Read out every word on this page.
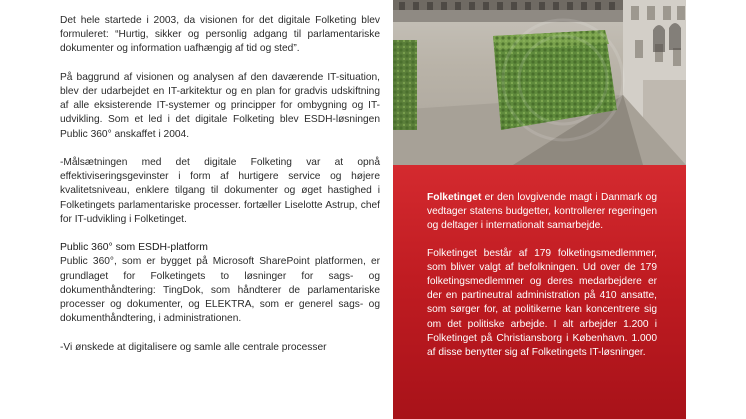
Det hele startede i 2003, da visionen for det digitale Folketing blev formuleret: “Hurtig, sikker og personlig adgang til parlamentariske dokumenter og information uafhængig af tid og sted”.

På baggrund af visionen og analysen af den daværende IT-situation, blev der udarbejdet en IT-arkitektur og en plan for gradvis udskiftning af alle eksisterende IT-systemer og principper for ombygning og IT-udvikling. Som et led i det digitale Folketing blev ESDH-løsningen Public 360° anskaffet i 2004.

-Målsætningen med det digitale Folketing var at opnå effektiviseringsgevinster i form af hurtigere service og højere kvalitetsniveau, enklere tilgang til dokumenter og øget hastighed i Folketingets parlamentariske processer. fortæller Liselotte Astrup, chef for IT-udvikling i Folketinget.

Public 360° som ESDH-platform

Public 360°, som er bygget på Microsoft SharePoint platformen, er grundlaget for Folketingets to løsninger for sags- og dokumenthåndtering: TingDok, som håndterer de parlamentariske processer og dokumenter, og ELEKTRA, som er generel sags- og dokumenthåndtering, i administrationen.

-Vi ønskede at digitalisere og samle alle centrale processer

Folketinget er den lovgivende magt i Danmark og vedtager statens budgetter, kontrollerer regeringen og deltager i internationalt samarbejde.

Folketinget består af 179 folketingsmedlemmer, som bliver valgt af befolkningen. Ud over de 179 folketingsmedlemmer og deres medarbejdere er der en partineutral administration på 410 ansatte, som sørger for, at politikerne kan koncentrere sig om det politiske arbejde. I alt arbejder 1.200 i Folketinget på Christiansborg i København. 1.000 af disse benytter sig af Folketingets IT-løsninger.
